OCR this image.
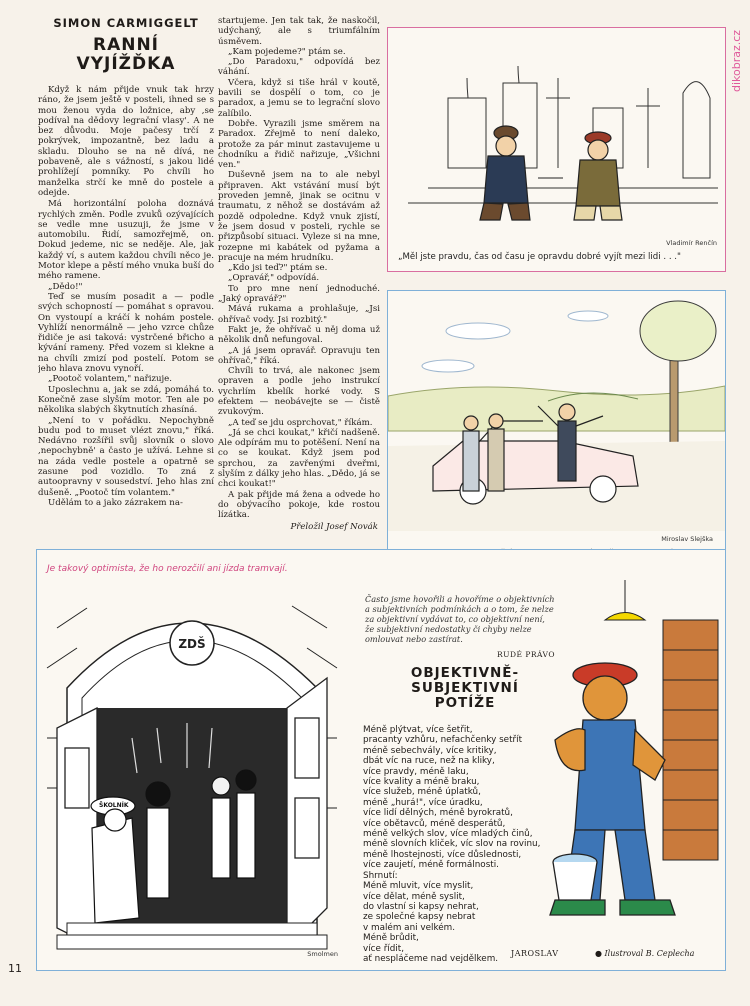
dikobraz.cz
SIMON CARMIGGELT
RANNÍ
VYJÍŽĎKA

Když k nám přijde vnuk tak hrzy ráno, že jsem ještě v posteli, ihned se s mou ženou vyda do ložnice, aby ,se podíval na dědovy legrační vlasy'. A ne bez důvodu. Moje pačesy trčí z pokrývek, impozantně, bez ladu a skladu. Dlouho se na ně dívá, ne pobaveně, ale s vážností, s jakou lidé prohlížejí pomníky. Po chvíli ho manželka strčí ke mně do postele a odejde.

Má horizontální poloha doznává rychlých změn. Podle zvuků ozývajících se vedle mne usuzuji, že jsme v automobilu. Řidí, samozřejmě, on. Dokud jedeme, nic se neděje. Ale, jak každý ví, s autem každou chvíli něco je. Motor klepe a pěstí mého vnuka buší do mého ramene.

„Dědo!"

Teď se musím posadit a — podle svých schopností — pomáhat s opravou. On vystoupí a kráčí k nohám postele. Vyhlíží nenormálně — jeho vzrce chůze řidiče je asi taková: vystrčené břicho a kývání rameny. Před vozem si klekne a na chvíli zmizí pod postelí. Potom se jeho hlava znovu vynoří.

„Pootoč volantem," nařizuje.

Uposlechnu a, jak se zdá, pomáhá to. Konečně zase slyším motor. Ten ale po několika slabých škytnutích zhasíná.

„Není to v pořádku. Nepochybně budu pod to muset vlézt znovu," říká. Nedávno rozšířil svůj slovník o slovo ,nepochybně' a často je užívá. Lehne si na záda vedle postele a opatrně se zasune pod vozidlo. To zná z autoopravny v sousedství. Jeho hlas zní dušeně. „Pootoč tím volantem."

Udělám to a jako zázrakem na-

startujeme. Jen tak tak, že naskočil, udýchaný, ale s triumfálním úsměvem.

„Kam pojedeme?" ptám se.

„Do Paradoxu," odpovídá bez váhání.

Včera, když si tiše hrál v koutě, bavili se dospělí o tom, co je paradox, a jemu se to legrační slovo zalíbilo.

Dobře. Vyrazili jsme směrem na Paradox. Zřejmě to není daleko, protože za pár minut zastavujeme u chodníku a řidič nařizuje, „Všichni ven."

Duševně jsem na to ale nebyl připraven. Akt vstávání musí být proveden jemně, jinak se ocitnu v traumatu, z něhož se dostávám až pozdě odpoledne. Když vnuk zjistí, že jsem dosud v posteli, rychle se přizpůsobí situaci. Vyleze si na mne, rozepne mi kabátek od pyžama a pracuje na mém hrudníku.

„Kdo jsi teď?" ptám se.

„Opravář," odpovídá.

To pro mne není jednoduché. „Jaký opravář?"

Mává rukama a prohlašuje, „Jsi ohřívač vody. Jsi rozbitý."

Fakt je, že ohřívač u něj doma už několik dnů nefungoval.

„A já jsem opravář. Opravuju ten ohřívač," říká.

Chvíli to trvá, ale nakonec jsem opraven a podle jeho instrukcí vychrlím kbelík horké vody. S efektem — neobávejte se — čistě zvukovým.

„A teď se jdu osprchovat," říkám.

„Já se chci koukat," křičí nadšeně. Ale odpírám mu to potěšení. Není na co se koukat. Když jsem pod sprchou, za zavřenými dveřmi, slyším z dálky jeho hlas. „Dědo, já se chci koukat!"

A pak přijde má žena a odvede ho do obývacího pokoje, kde rostou lízátka.

Přeložil Josef Novák
Vladimír Renčín
„Měl jste pravdu, čas od času je opravdu dobré vyjít mezi lidi . . ."
Miroslav Slejška
Je takový optimista, že ho nerozčilí ani jízda tramvají.
ZDŠ
ŠKOLNÍK
Smolmen
Často jsme hovořili a hovoříme o objektivních a subjektivních podmínkách a o tom, že nelze za objektivní vydávat to, co objektivní není, že subjektivní nedostatky či chyby nelze omlouvat nebo zastírat.
RUDÉ PRÁVO
OBJEKTIVNĚ-
SUBJEKTIVNÍ
POTÍŽE
Méně plýtvat, více šetřit,
pracanty vzhůru, nefachčenky setřít
méně sebechvály, více kritiky,
dbát víc na ruce, než na kliky,
více pravdy, méně laku,
více kvality a méně braku,
více služeb, méně úplatků,
méně „hurá!", více úradku,
více lidí dělných, méně byrokratů,
více obětavců, méně desperátů,
méně velkých slov, více mladých činů,
méně slovních kliček, víc slov na rovinu,
méně lhostejnosti, více důslednosti,
více zaujetí, méně formálnosti.
Shrnutí:
Méně mluvit, více myslit,
více dělat, méně syslit,
do vlastní si kapsy nehrat,
ze společné kapsy nebrat
v malém ani velkém.
Méně brůdit,
více řídit,
ať nespláčeme nad vejdělkem.
JAROSLAV	● Ilustroval B. Ceplecha
11
